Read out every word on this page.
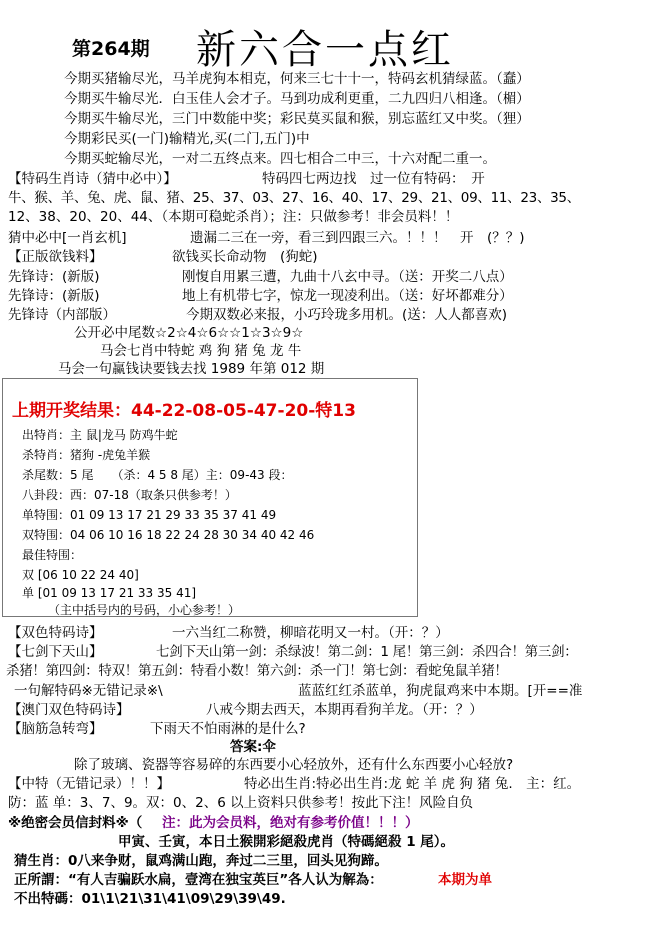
第264期 新六合一点红
今期买猪输尽光，马羊虎狗本相克，何来三七十十一，特码玄机猜绿蓝。（蠢）
今期买牛输尽光．白玉佳人会才子。马到功成利更重，二九四归八相逢。（楣）
今期买牛输尽光，三门中数能中奖；彩民莫买鼠和猴，别忘蓝红又中奖。（狸）
今期彩民买(一门)输精光,买(二门,五门)中
今期买蛇输尽光，一对二五终点来。四七相合二中三，十六对配二重一。
【特码生肖诗（猜中必中）】	特码四七两边找　过一位有特码：　开
牛、猴、羊、兔、虎、鼠、猪、25、37、03、27、16、40、17、29、21、09、11、23、35、
12、38、20、20、44、（本期可稳蛇杀肖）；注：只做参考！非会员料！！
猜中必中[一肖玄机]	遗漏二三在一旁，看三到四跟三六。！！！　开　(？？)
【正版欲钱料】	欲钱买长命动物　(狗蛇)
先锋诗：(新版)	刚愎自用累三遭，九曲十八玄中寻。（送：开奖二八点）
先锋诗：(新版)	地上有机带七字，惊龙一现凌利出。（送：好坏都难分）
先锋诗（内部版）	今期双数必来报，小巧玲珑多用机。(送：人人都喜欢)
公开必中尾数☆2☆4☆6☆☆1☆3☆9☆
马会七肖中特蛇 鸡 狗 猪 兔 龙 牛
马会一句赢钱诀要钱去找 1989 年第 012 期
上期开奖结果：44-22-08-05-47-20-特13
出特肖：主 鼠|龙马 防鸡牛蛇
杀特肖：猪狗 -虎兔羊猴
杀尾数：5 尾　　（杀：4 5 8 尾）主：09-43 段：
八卦段：西：07-18（取条只供参考！）
单特围：01 09 13 17 21 29 33 35 37 41 49
双特围：04 06 10 16 18 22 24 28 30 34 40 42 46
最佳特围：
双 [06 10 22 24 40]
单 [01 09 13 17 21 33 35 41]
（主中括号内的号码，小心参考！）
【双色特码诗】	一六当红二称赞，柳暗花明又一村。（开：？）
【七剑下天山】	七剑下天山第一剑：杀绿波！第二剑：1 尾！第三剑：杀四合！第三剑：
杀猪！第四剑：特双！第五剑：特看小数！第六剑：杀一门！第七剑：看蛇兔鼠羊猪！
一句解特码※无错记录※\	蓝蓝红红杀蓝单，狗虎鼠鸡来中本期。[开==准
【澳门双色特码诗】	八戒今期去西天，本期再看狗羊龙。（开：？）
【脑筋急转弯】	下雨天不怕雨淋的是什么?
答案:伞
除了玻璃、瓷器等容易碎的东西要小心轻放外，还有什么东西要小心轻放?
【中特（无错记录）！！】	特必出生肖:特必出生肖:龙 蛇 羊 虎 狗 猪 兔.　主：红。
防：蓝 单：3、7、9。双：0、2、6 以上资料只供参考！按此下注！风险自负
※绝密会员信封料※（ 注：此为会员料，绝对有参考价值！！！）
甲寅、壬寅，本日土猴開彩絕殺虎肖（特碼絕殺 1 尾）。
猜生肖：0八来争财，鼠鸡满山跑，奔过二三里，回头见狗蹄。
正所謂：“有人吉骗跃水扁，壹湾在独宝英巨”各人认为解為：	本期为单
不出特碼：01\1\21\31\41\09\29\39\49.
